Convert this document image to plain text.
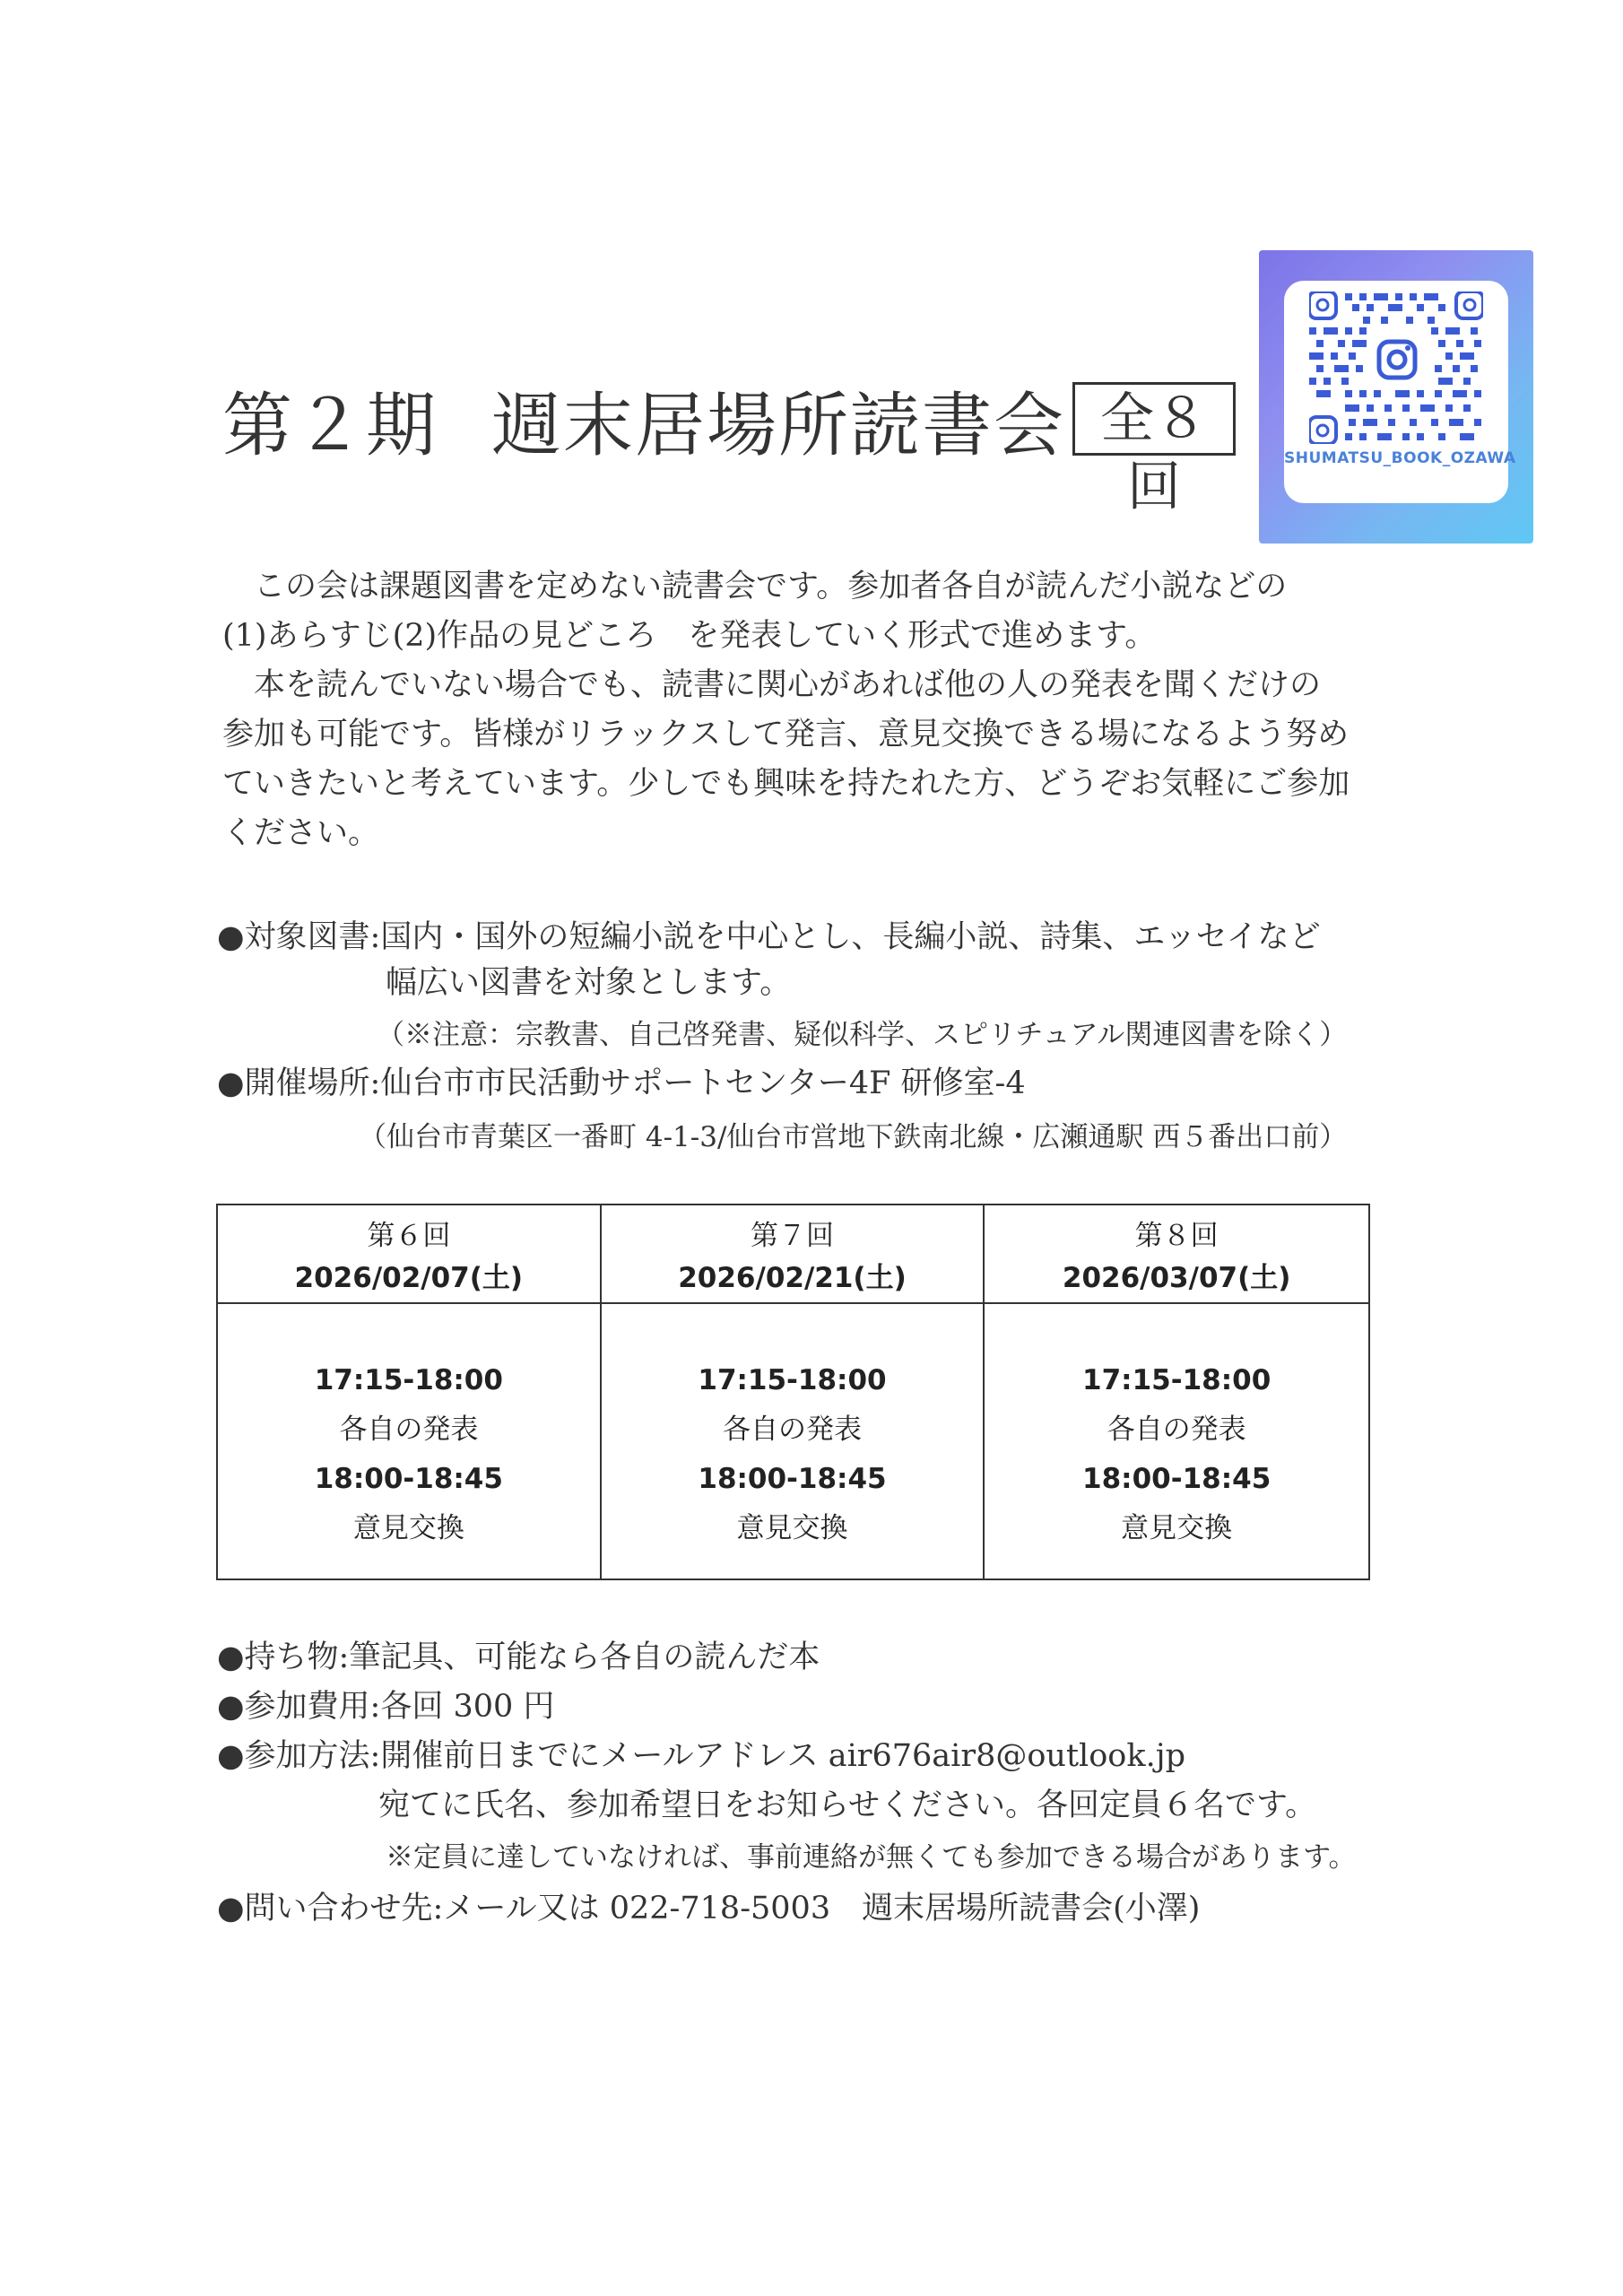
第２期 週末居場所読書会 全８回	SHUMATSU_BOOK_OZAWA
　この会は課題図書を定めない読書会です。参加者各自が読んだ小説などの
(1)あらすじ(2)作品の見どころ　を発表していく形式で進めます。
　本を読んでいない場合でも、読書に関心があれば他の人の発表を聞くだけの
参加も可能です。皆様がリラックスして発言、意見交換できる場になるよう努め
ていきたいと考えています。少しでも興味を持たれた方、どうぞお気軽にご参加
ください。
●対象図書:国内・国外の短編小説を中心とし、長編小説、詩集、エッセイなど
幅広い図書を対象とします。
（※注意：宗教書、自己啓発書、疑似科学、スピリチュアル関連図書を除く）
●開催場所:仙台市市民活動サポートセンター4F 研修室-4
（仙台市青葉区一番町 4-1-3/仙台市営地下鉄南北線・広瀬通駅 西５番出口前）
第６回
2026/02/07(土)
第７回
2026/02/21(土)
第８回
2026/03/07(土)
17:15-18:00
各自の発表
18:00-18:45
意見交換
17:15-18:00
各自の発表
18:00-18:45
意見交換
17:15-18:00
各自の発表
18:00-18:45
意見交換
●持ち物:筆記具、可能なら各自の読んだ本
●参加費用:各回 300 円
●参加方法:開催前日までにメールアドレス air676air8@outlook.jp
宛てに氏名、参加希望日をお知らせください。各回定員６名です。
※定員に達していなければ、事前連絡が無くても参加できる場合があります。
●問い合わせ先:メール又は 022-718-5003　週末居場所読書会(小澤)
